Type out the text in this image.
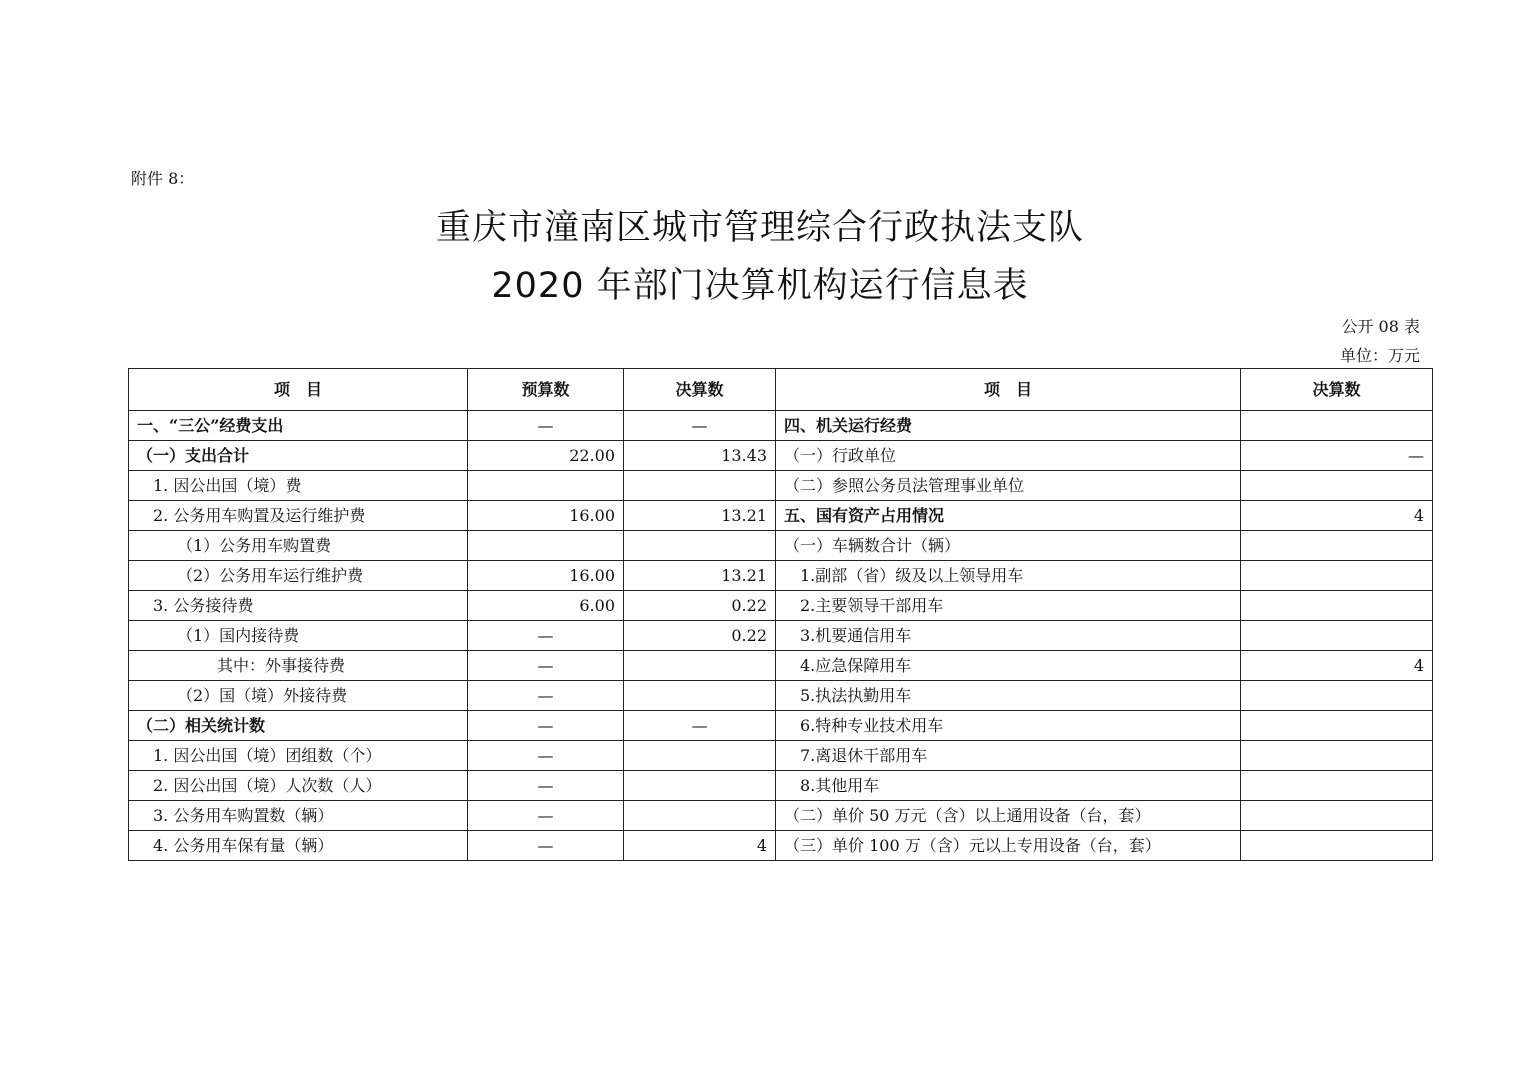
附件 8：
重庆市潼南区城市管理综合行政执法支队
2020 年部门决算机构运行信息表
公开 08 表
单位：万元
项　目	预算数	决算数	项　目	决算数
一、“三公”经费支出	—	—	四、机关运行经费	
（一）支出合计	22.00	13.43	（一）行政单位	—
1. 因公出国（境）费			（二）参照公务员法管理事业单位	
2. 公务用车购置及运行维护费	16.00	13.21	五、国有资产占用情况	4
（1）公务用车购置费			（一）车辆数合计（辆）	
（2）公务用车运行维护费	16.00	13.21	1.副部（省）级及以上领导用车	
3. 公务接待费	6.00	0.22	2.主要领导干部用车	
（1）国内接待费	—	0.22	3.机要通信用车	
其中：外事接待费	—		4.应急保障用车	4
（2）国（境）外接待费	—		5.执法执勤用车	
（二）相关统计数	—	—	6.特种专业技术用车	
1. 因公出国（境）团组数（个）	—		7.离退休干部用车	
2. 因公出国（境）人次数（人）	—		8.其他用车	
3. 公务用车购置数（辆）	—		（二）单价 50 万元（含）以上通用设备（台，套）	
4. 公务用车保有量（辆）	—	4	（三）单价 100 万（含）元以上专用设备（台，套）	
